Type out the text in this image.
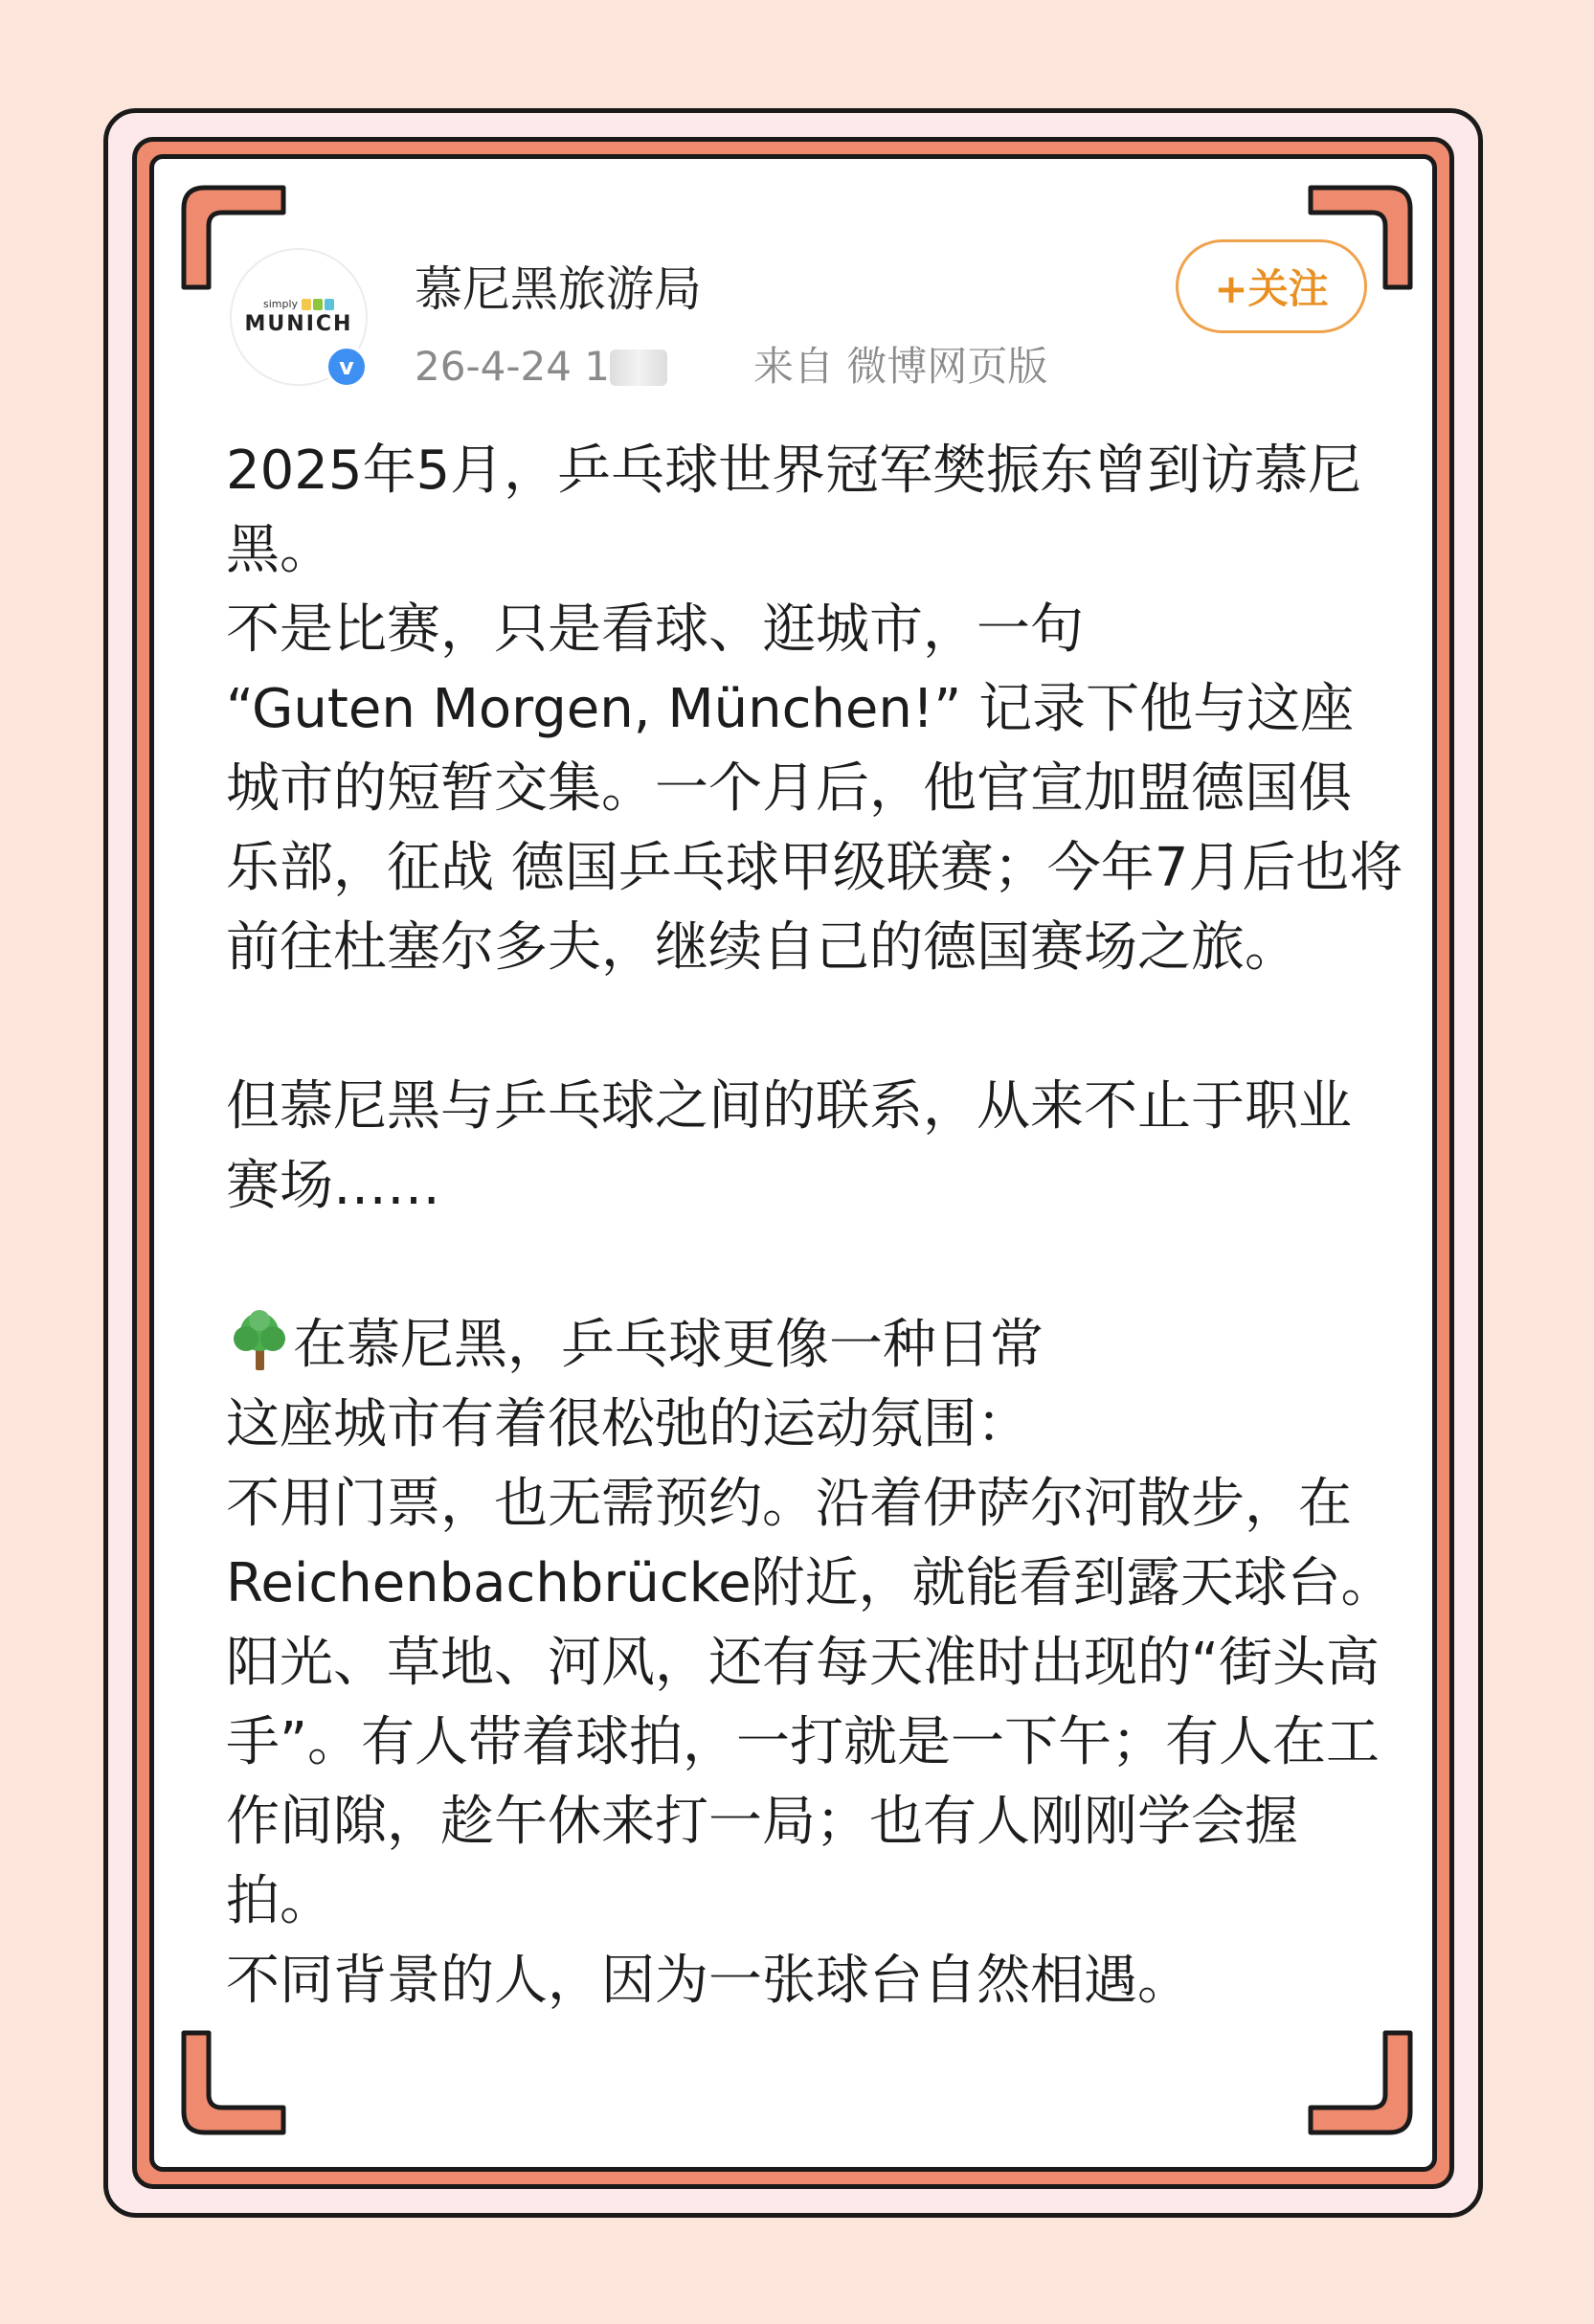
simply
MUNICH
v
慕尼黑旅游局
26-4-24 1	来自 微博网页版
+关注

2025年5月，乒乓球世界冠军樊振东曾到访慕尼黑。

不是比赛，只是看球、逛城市，一句

“Guten Morgen, München!” 记录下他与这座城市的短暂交集。一个月后，他官宣加盟德国俱乐部，征战 德国乒乓球甲级联赛；今年7月后也将前往杜塞尔多夫，继续自己的德国赛场之旅。

但慕尼黑与乒乓球之间的联系，从来不止于职业赛场……

在慕尼黑，乒乓球更像一种日常

这座城市有着很松弛的运动氛围：

不用门票，也无需预约。沿着伊萨尔河散步，在Reichenbachbrücke附近，就能看到露天球台。阳光、草地、河风，还有每天准时出现的“街头高手”。有人带着球拍，一打就是一下午；有人在工作间隙，趁午休来打一局；也有人刚刚学会握拍。

不同背景的人，因为一张球台自然相遇。
